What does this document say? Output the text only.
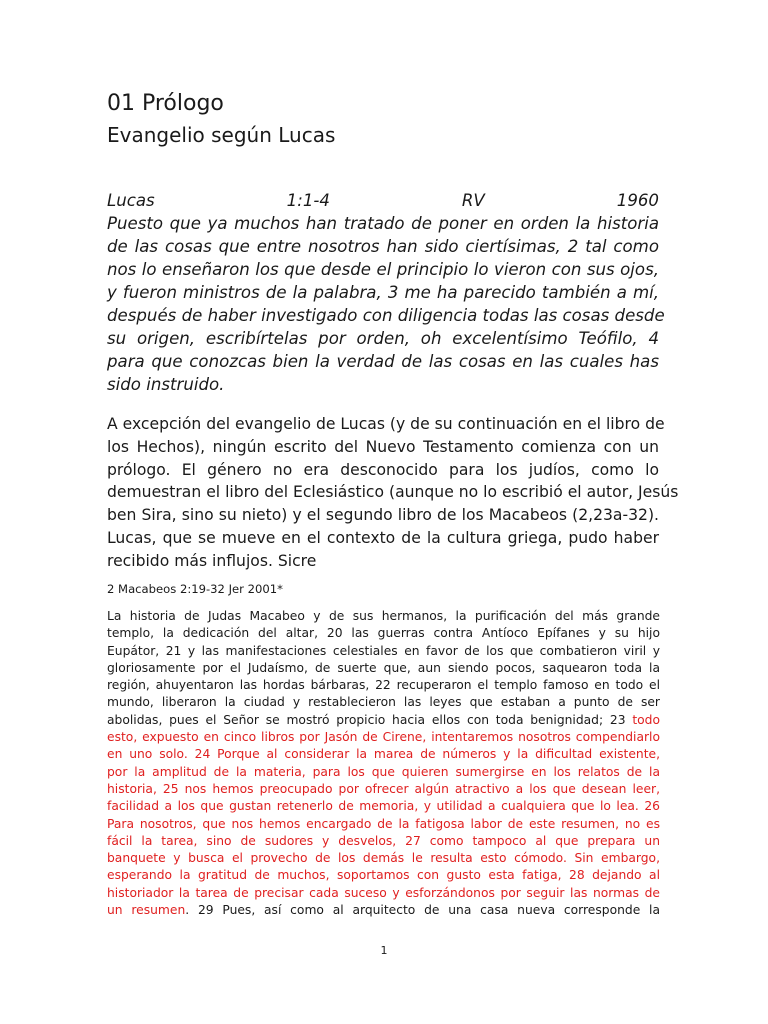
01 Prólogo
Evangelio según Lucas
Lucas 1:1-4 RV 1960
Puesto que ya muchos han tratado de poner en orden la historia
de las cosas que entre nosotros han sido ciertísimas, 2 tal como
nos lo enseñaron los que desde el principio lo vieron con sus ojos,
y fueron ministros de la palabra, 3 me ha parecido también a mí,
después de haber investigado con diligencia todas las cosas desde
su origen, escribírtelas por orden, oh excelentísimo Teófilo, 4
para que conozcas bien la verdad de las cosas en las cuales has
sido instruido.
A excepción del evangelio de Lucas (y de su continuación en el libro de
los Hechos), ningún escrito del Nuevo Testamento comienza con un
prólogo. El género no era desconocido para los judíos, como lo
demuestran el libro del Eclesiástico (aunque no lo escribió el autor, Jesús
ben Sira, sino su nieto) y el segundo libro de los Macabeos (2,23a-32).
Lucas, que se mueve en el contexto de la cultura griega, pudo haber
recibido más influjos. Sicre
2 Macabeos 2:19-32 Jer 2001*
La historia de Judas Macabeo y de sus hermanos, la purificación del más grande
templo, la dedicación del altar, 20 las guerras contra Antíoco Epífanes y su hijo
Eupátor, 21 y las manifestaciones celestiales en favor de los que combatieron viril y
gloriosamente por el Judaísmo, de suerte que, aun siendo pocos, saquearon toda la
región, ahuyentaron las hordas bárbaras, 22 recuperaron el templo famoso en todo el
mundo, liberaron la ciudad y restablecieron las leyes que estaban a punto de ser
abolidas, pues el Señor se mostró propicio hacia ellos con toda benignidad; 23 todo
esto, expuesto en cinco libros por Jasón de Cirene, intentaremos nosotros compendiarlo
en uno solo. 24 Porque al considerar la marea de números y la dificultad existente,
por la amplitud de la materia, para los que quieren sumergirse en los relatos de la
historia, 25 nos hemos preocupado por ofrecer algún atractivo a los que desean leer,
facilidad a los que gustan retenerlo de memoria, y utilidad a cualquiera que lo lea. 26
Para nosotros, que nos hemos encargado de la fatigosa labor de este resumen, no es
fácil la tarea, sino de sudores y desvelos, 27 como tampoco al que prepara un
banquete y busca el provecho de los demás le resulta esto cómodo. Sin embargo,
esperando la gratitud de muchos, soportamos con gusto esta fatiga, 28 dejando al
historiador la tarea de precisar cada suceso y esforzándonos por seguir las normas de
un resumen. 29 Pues, así como al arquitecto de una casa nueva corresponde la
1
